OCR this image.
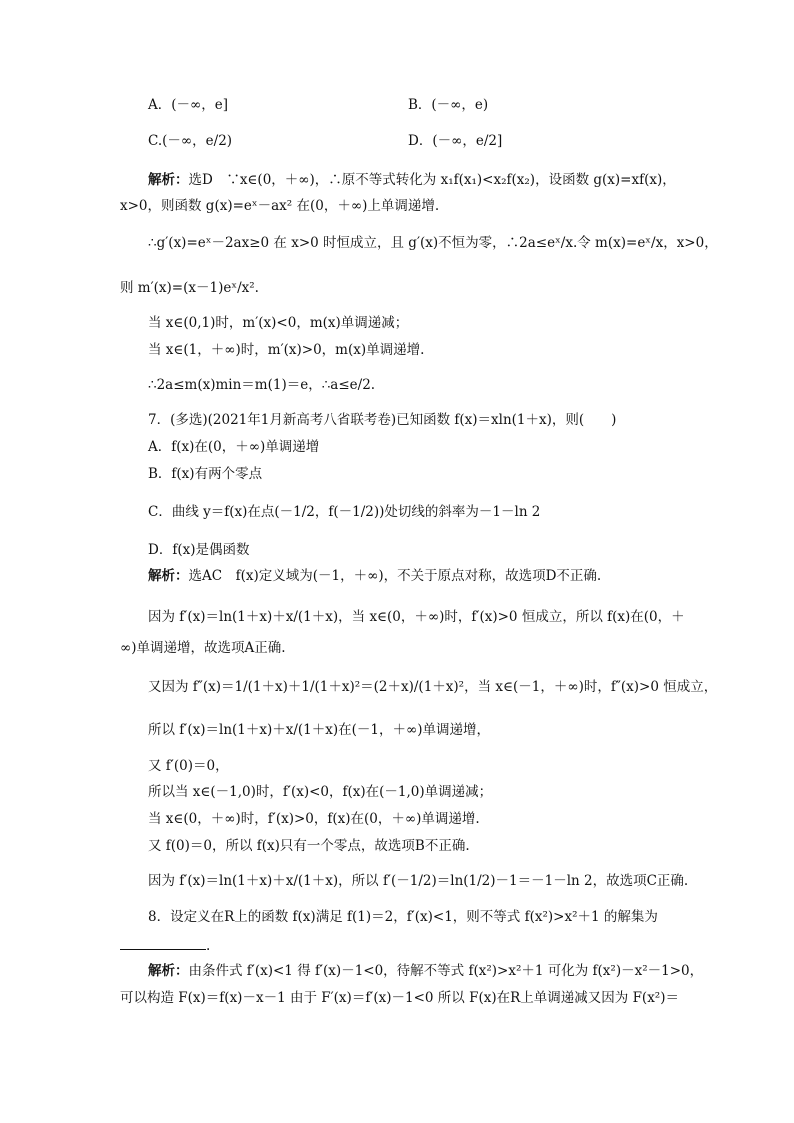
A．(－∞，e]	B．(－∞，e)
C.(－∞，e/2)	D．(－∞，e/2]
解析：选D　∵x∈(0，＋∞)，∴原不等式转化为 x₁f(x₁)<x₂f(x₂)，设函数 g(x)=xf(x)，
x>0，则函数 g(x)=eˣ－ax² 在(0，＋∞)上单调递增.
∴g′(x)=eˣ－2ax≥0 在 x>0 时恒成立，且 g′(x)不恒为零，∴2a≤eˣ/x.令 m(x)=eˣ/x，x>0，
则 m′(x)=(x－1)eˣ/x².
当 x∈(0,1)时，m′(x)<0，m(x)单调递减；
当 x∈(1，＋∞)时，m′(x)>0，m(x)单调递增.
∴2a≤m(x)min＝m(1)＝e，∴a≤e/2.
7．(多选)(2021年1月新高考八省联考卷)已知函数 f(x)＝xln(1＋x)，则(　　)
A．f(x)在(0，＋∞)单调递增
B．f(x)有两个零点
C．曲线 y＝f(x)在点(－1/2，f(－1/2))处切线的斜率为－1－ln 2
D．f(x)是偶函数
解析：选AC　f(x)定义域为(－1，＋∞)，不关于原点对称，故选项D不正确.
因为 f′(x)＝ln(1＋x)＋x/(1＋x)，当 x∈(0，＋∞)时，f′(x)>0 恒成立，所以 f(x)在(0，＋
∞)单调递增，故选项A正确.
又因为 f″(x)＝1/(1＋x)＋1/(1＋x)²＝(2＋x)/(1＋x)²，当 x∈(－1，＋∞)时，f″(x)>0 恒成立，
所以 f′(x)＝ln(1＋x)＋x/(1＋x)在(－1，＋∞)单调递增，
又 f′(0)＝0，
所以当 x∈(－1,0)时，f′(x)<0，f(x)在(－1,0)单调递减；
当 x∈(0，＋∞)时，f′(x)>0，f(x)在(0，＋∞)单调递增.
又 f(0)＝0，所以 f(x)只有一个零点，故选项B不正确.
因为 f′(x)＝ln(1＋x)＋x/(1＋x)，所以 f′(－1/2)＝ln(1/2)－1＝－1－ln 2，故选项C正确.
8．设定义在R上的函数 f(x)满足 f(1)＝2，f′(x)<1，则不等式 f(x²)>x²＋1 的解集为
.
解析：由条件式 f′(x)<1 得 f′(x)－1<0，待解不等式 f(x²)>x²＋1 可化为 f(x²)－x²－1>0，
可以构造 F(x)＝f(x)－x－1 由于 F′(x)＝f′(x)－1<0 所以 F(x)在R上单调递减又因为 F(x²)＝
